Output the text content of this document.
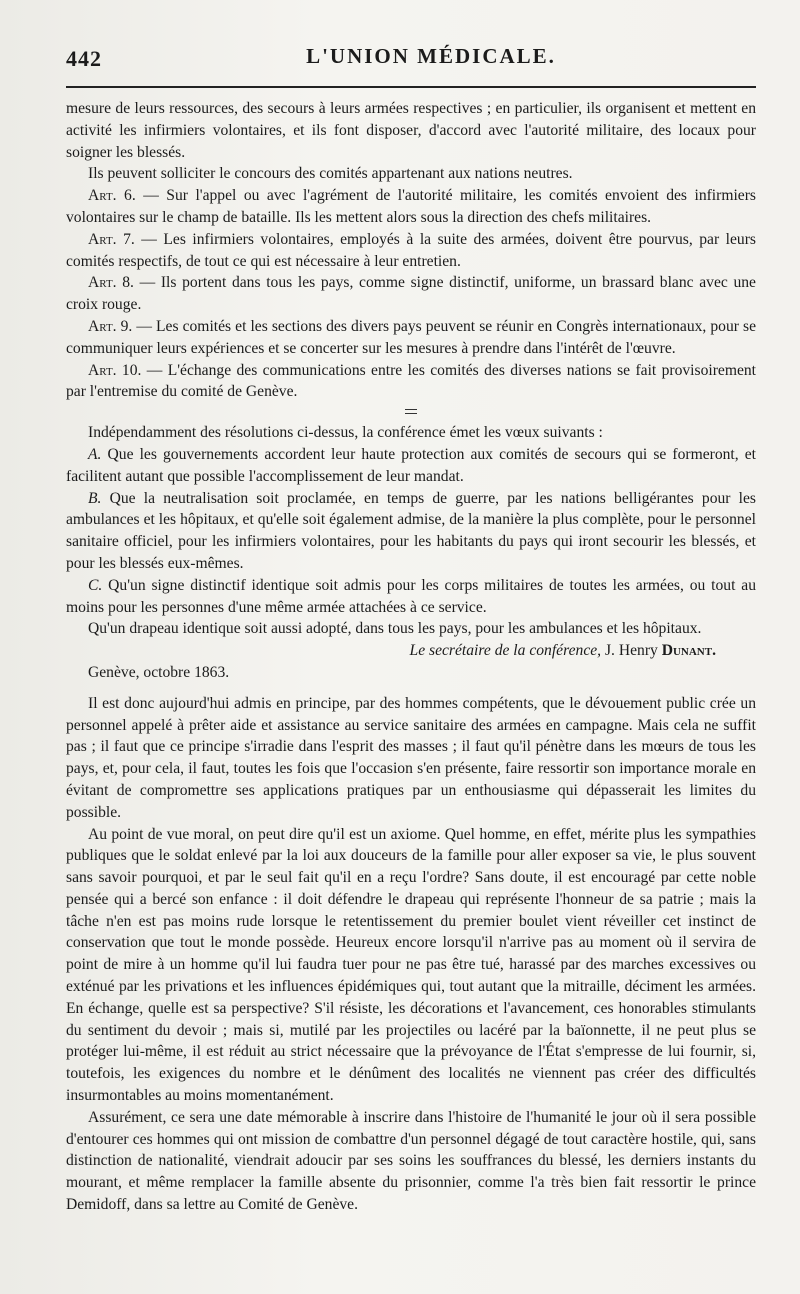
442	L'UNION MÉDICALE.

mesure de leurs ressources, des secours à leurs armées respectives ; en particulier, ils organisent et mettent en activité les infirmiers volontaires, et ils font disposer, d'accord avec l'autorité militaire, des locaux pour soigner les blessés.

Ils peuvent solliciter le concours des comités appartenant aux nations neutres.

Art. 6. — Sur l'appel ou avec l'agrément de l'autorité militaire, les comités envoient des infirmiers volontaires sur le champ de bataille. Ils les mettent alors sous la direction des chefs militaires.

Art. 7. — Les infirmiers volontaires, employés à la suite des armées, doivent être pourvus, par leurs comités respectifs, de tout ce qui est nécessaire à leur entretien.

Art. 8. — Ils portent dans tous les pays, comme signe distinctif, uniforme, un brassard blanc avec une croix rouge.

Art. 9. — Les comités et les sections des divers pays peuvent se réunir en Congrès internationaux, pour se communiquer leurs expériences et se concerter sur les mesures à prendre dans l'intérêt de l'œuvre.

Art. 10. — L'échange des communications entre les comités des diverses nations se fait provisoirement par l'entremise du comité de Genève.

Indépendamment des résolutions ci-dessus, la conférence émet les vœux suivants :

A. Que les gouvernements accordent leur haute protection aux comités de secours qui se formeront, et facilitent autant que possible l'accomplissement de leur mandat.

B. Que la neutralisation soit proclamée, en temps de guerre, par les nations belligérantes pour les ambulances et les hôpitaux, et qu'elle soit également admise, de la manière la plus complète, pour le personnel sanitaire officiel, pour les infirmiers volontaires, pour les habitants du pays qui iront secourir les blessés, et pour les blessés eux-mêmes.

C. Qu'un signe distinctif identique soit admis pour les corps militaires de toutes les armées, ou tout au moins pour les personnes d'une même armée attachées à ce service.

Qu'un drapeau identique soit aussi adopté, dans tous les pays, pour les ambulances et les hôpitaux.

Le secrétaire de la conférence, J. Henry Dunant.
Genève, octobre 1863.

Il est donc aujourd'hui admis en principe, par des hommes compétents, que le dévouement public crée un personnel appelé à prêter aide et assistance au service sanitaire des armées en campagne. Mais cela ne suffit pas ; il faut que ce principe s'irradie dans l'esprit des masses ; il faut qu'il pénètre dans les mœurs de tous les pays, et, pour cela, il faut, toutes les fois que l'occasion s'en présente, faire ressortir son importance morale en évitant de compromettre ses applications pratiques par un enthousiasme qui dépasserait les limites du possible.

Au point de vue moral, on peut dire qu'il est un axiome. Quel homme, en effet, mérite plus les sympathies publiques que le soldat enlevé par la loi aux douceurs de la famille pour aller exposer sa vie, le plus souvent sans savoir pourquoi, et par le seul fait qu'il en a reçu l'ordre? Sans doute, il est encouragé par cette noble pensée qui a bercé son enfance : il doit défendre le drapeau qui représente l'honneur de sa patrie ; mais la tâche n'en est pas moins rude lorsque le retentissement du premier boulet vient réveiller cet instinct de conservation que tout le monde possède. Heureux encore lorsqu'il n'arrive pas au moment où il servira de point de mire à un homme qu'il lui faudra tuer pour ne pas être tué, harassé par des marches excessives ou exténué par les privations et les influences épidémiques qui, tout autant que la mitraille, déciment les armées. En échange, quelle est sa perspective? S'il résiste, les décorations et l'avancement, ces honorables stimulants du sentiment du devoir ; mais si, mutilé par les projectiles ou lacéré par la baïonnette, il ne peut plus se protéger lui-même, il est réduit au strict nécessaire que la prévoyance de l'État s'empresse de lui fournir, si, toutefois, les exigences du nombre et le dénûment des localités ne viennent pas créer des difficultés insurmontables au moins momentanément.

Assurément, ce sera une date mémorable à inscrire dans l'histoire de l'humanité le jour où il sera possible d'entourer ces hommes qui ont mission de combattre d'un personnel dégagé de tout caractère hostile, qui, sans distinction de nationalité, viendrait adoucir par ses soins les souffrances du blessé, les derniers instants du mourant, et même remplacer la famille absente du prisonnier, comme l'a très bien fait ressortir le prince Demidoff, dans sa lettre au Comité de Genève.
